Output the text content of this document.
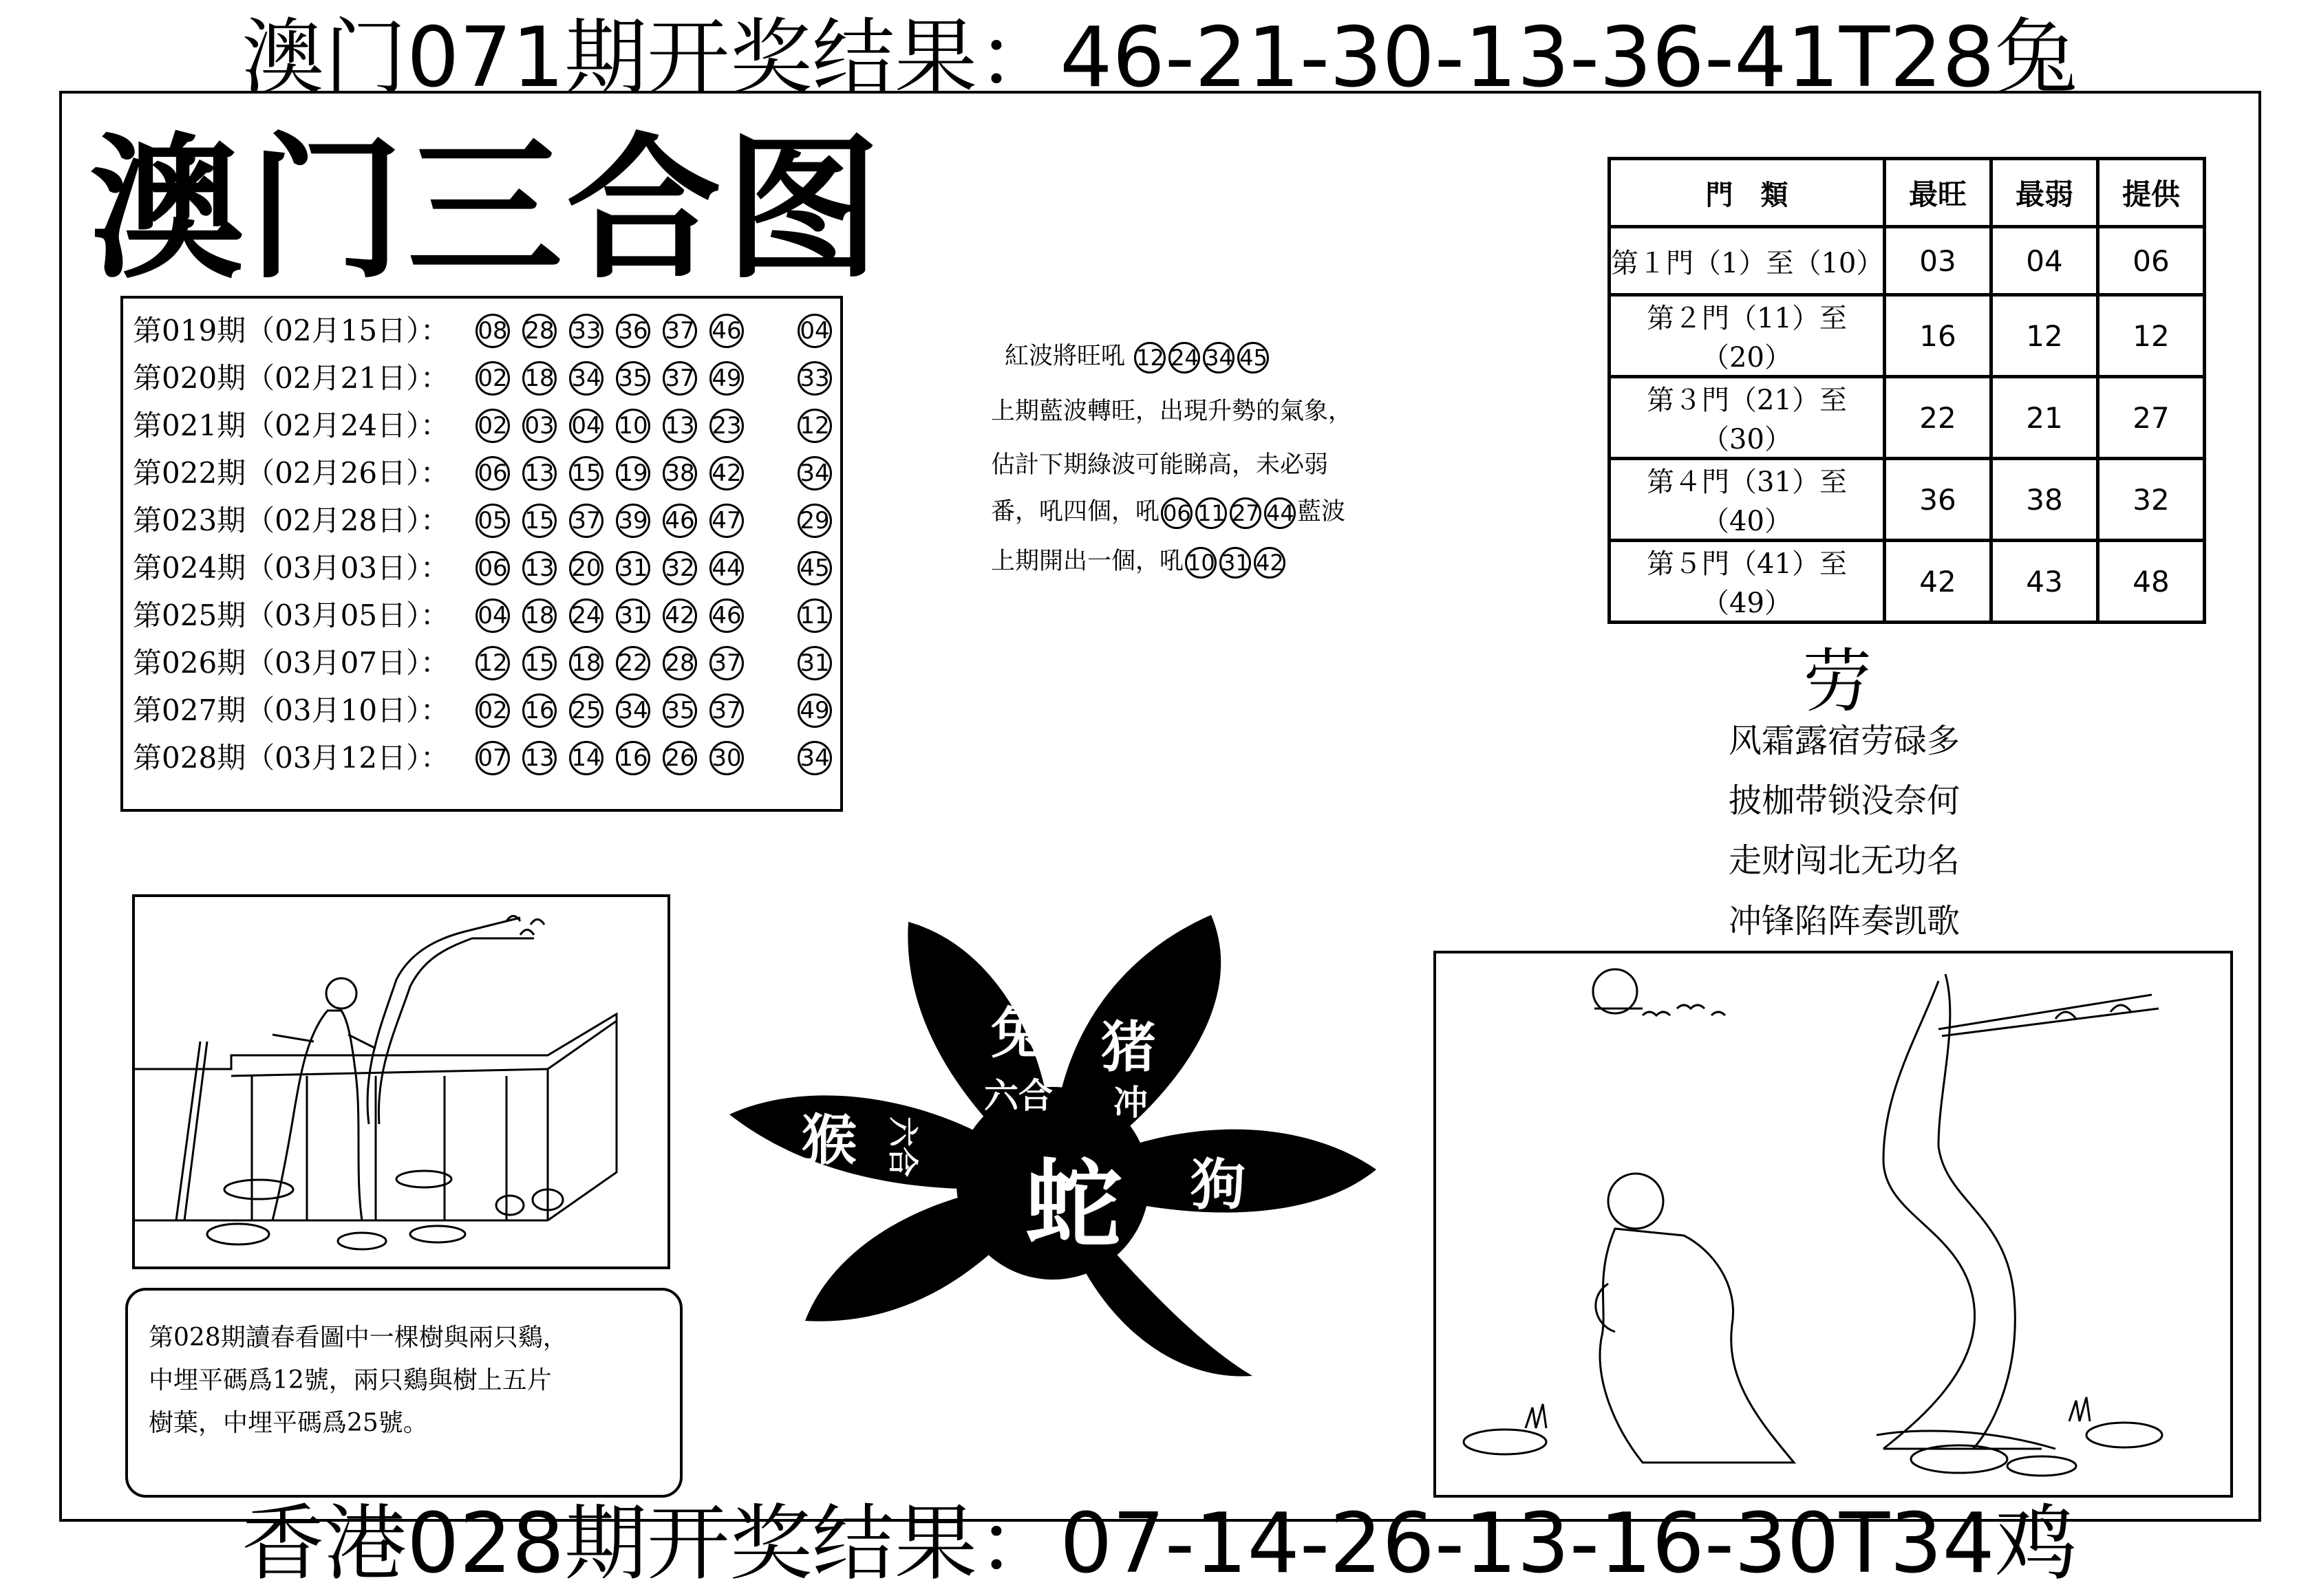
澳门071期开奖结果：46-21-30-13-36-41T28兔
澳门三合图
第019期（02月15日）： 08 28 33 36 37 46 04
第020期（02月21日）： 02 18 34 35 37 49 33
第021期（02月24日）： 02 03 04 10 13 23 12
第022期（02月26日）： 06 13 15 19 38 42 34
第023期（02月28日）： 05 15 37 39 46 47 29
第024期（03月03日）： 06 13 20 31 32 44 45
第025期（03月05日）： 04 18 24 31 42 46 11
第026期（03月07日）： 12 15 18 22 28 37 31
第027期（03月10日）： 02 16 25 34 35 37 49
第028期（03月12日）： 07 13 14 16 26 30 34
紅波將旺吼 12 24 34 45
上期藍波轉旺，出現升勢的氣象，
估計下期綠波可能睇高，未必弱
番，吼四個，吼 06 11 27 44 藍波
上期開出一個，吼 10 31 42
門　類	最旺	最弱	提供
第１門（1）至（10）	03	04	06
第２門（11）至（20）	16	12	12
第３門（21）至（30）	22	21	27
第４門（31）至（40）	36	38	32
第５門（41）至（49）	42	43	48
劳
风霜露宿劳碌多
披枷带锁没奈何
走财闯北无功名
冲锋陷阵奏凯歌
第028期讀春看圖中一棵樹與兩只鷄，
中埋平碼爲12號，兩只鷄與樹上五片
樹葉，中埋平碼爲25號。
兔
六合
猪
冲
猴 六合
蛇 狗
香港028期开奖结果：07-14-26-13-16-30T34鸡
